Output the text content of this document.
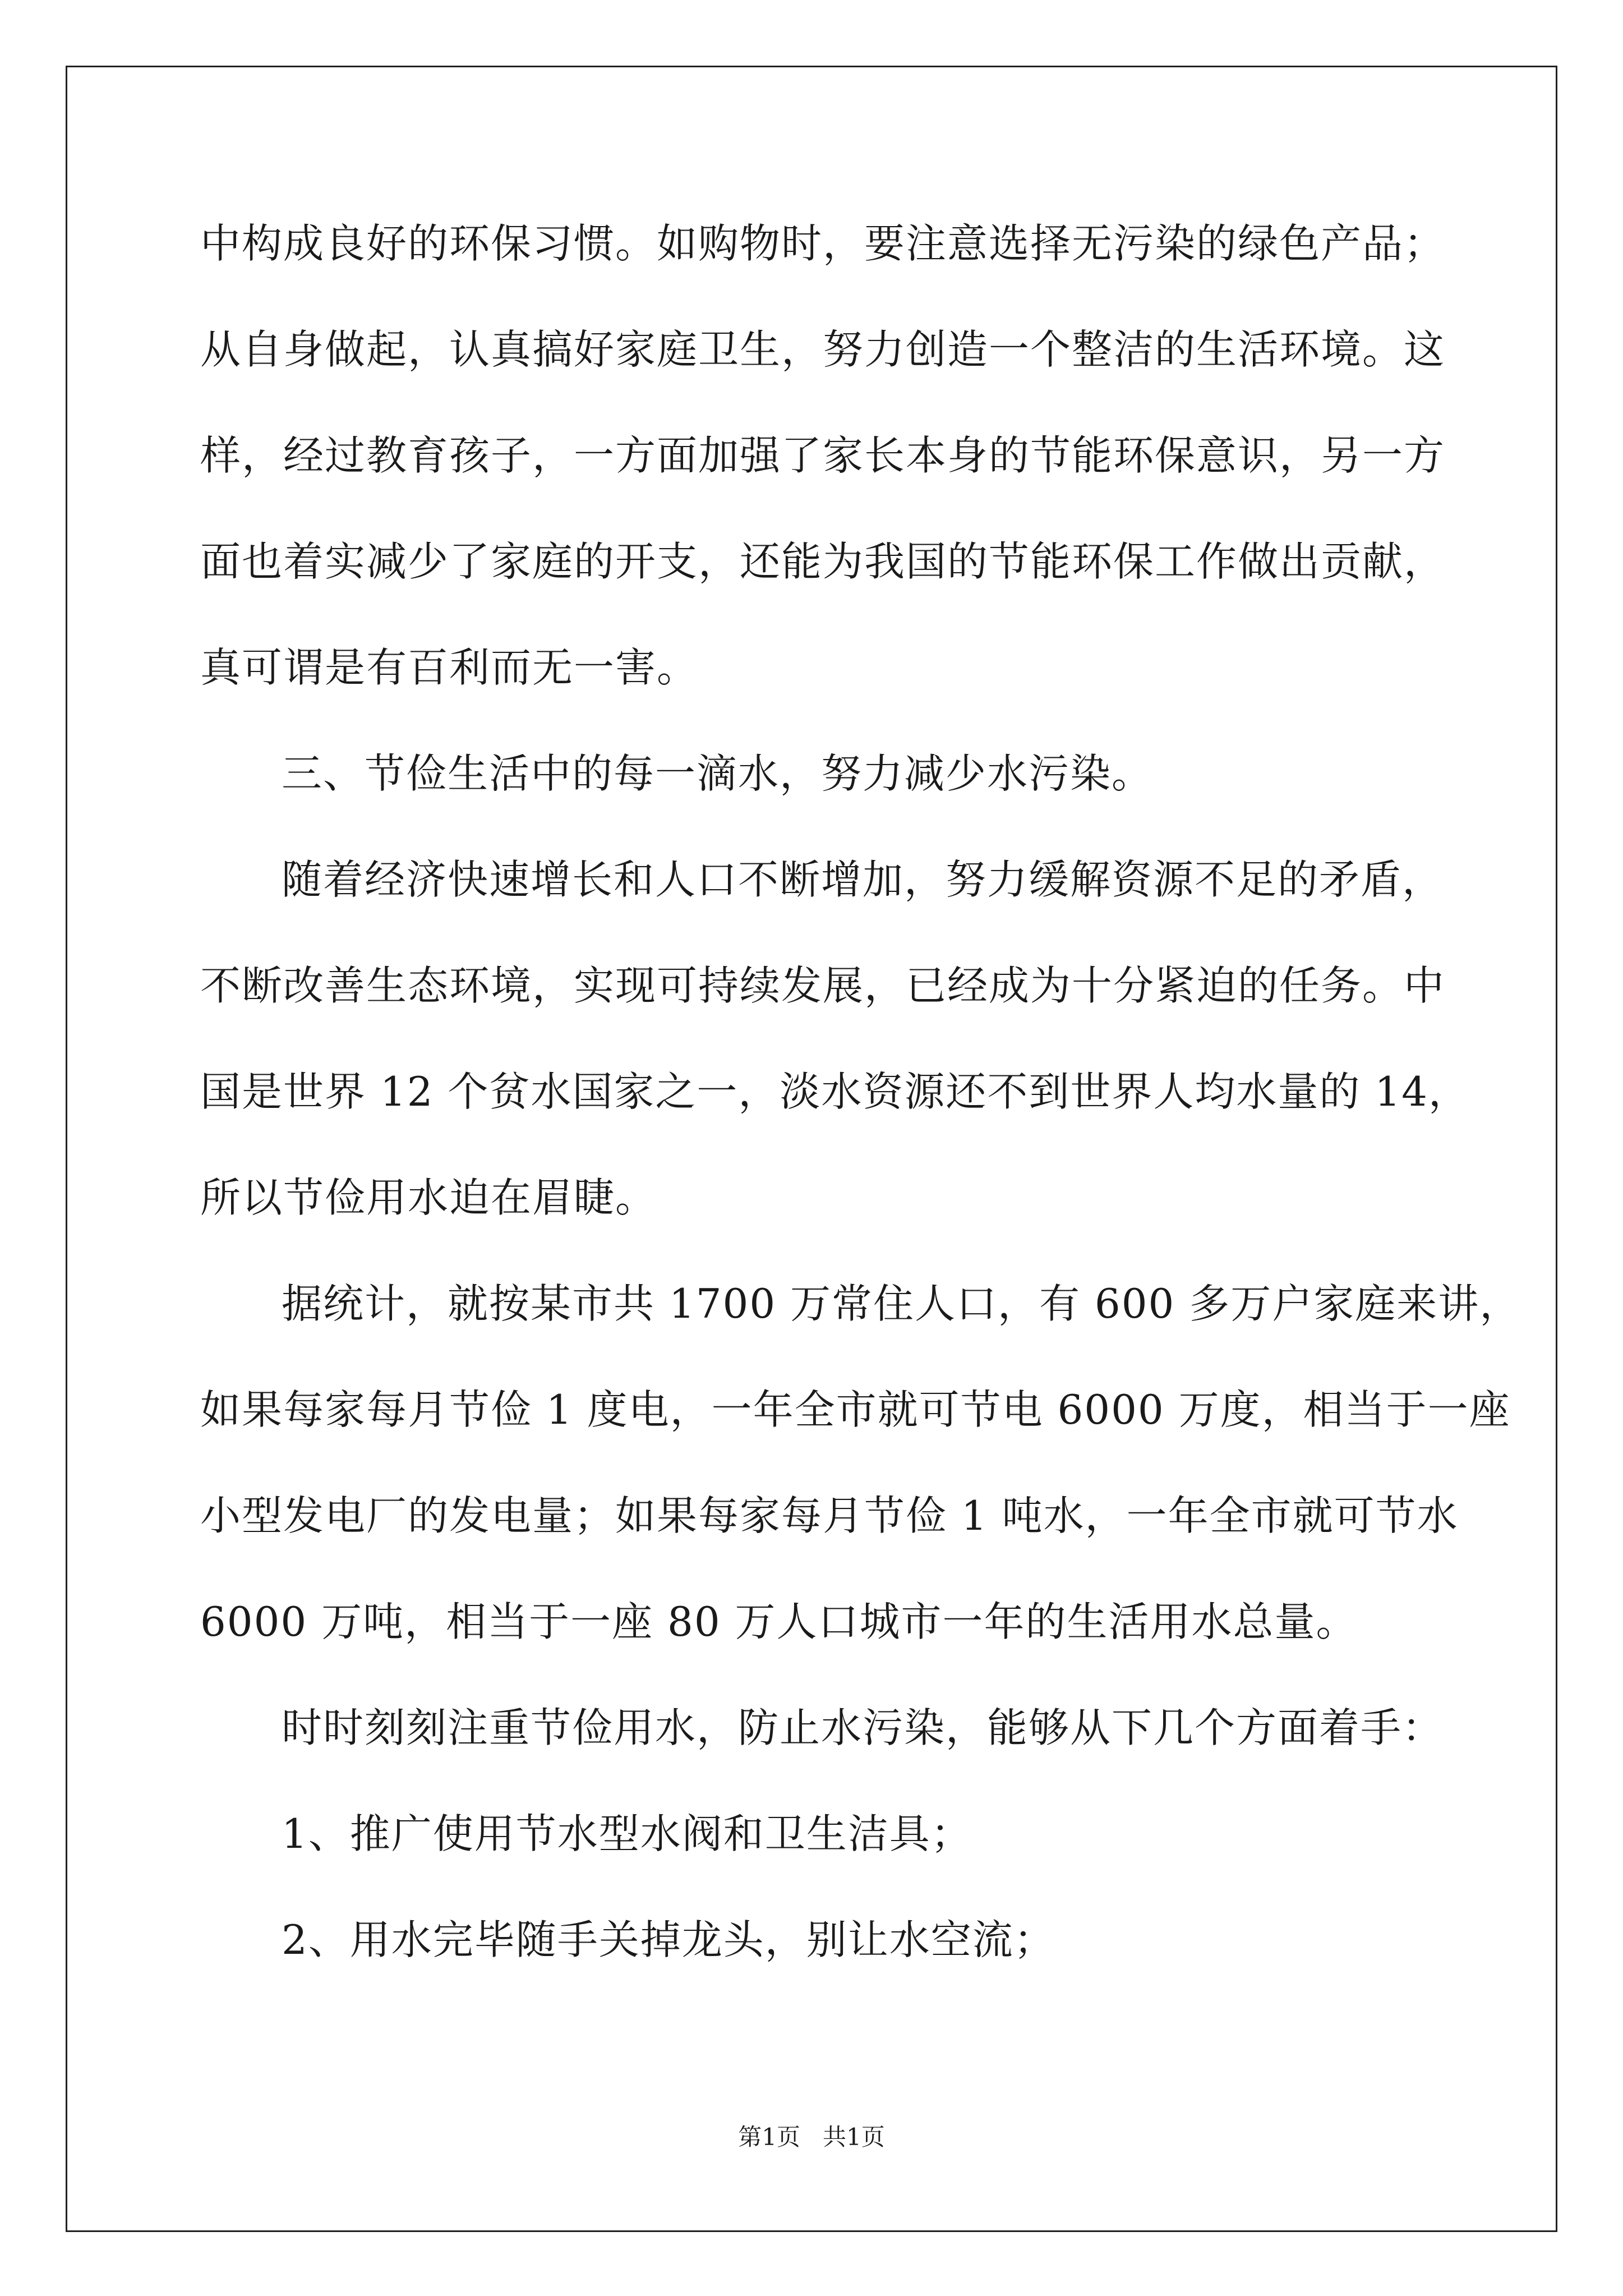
中构成良好的环保习惯。如购物时，要注意选择无污染的绿色产品；
从自身做起，认真搞好家庭卫生，努力创造一个整洁的生活环境。这
样，经过教育孩子，一方面加强了家长本身的节能环保意识，另一方
面也着实减少了家庭的开支，还能为我国的节能环保工作做出贡献，
真可谓是有百利而无一害。
三、节俭生活中的每一滴水，努力减少水污染。
随着经济快速增长和人口不断增加，努力缓解资源不足的矛盾，
不断改善生态环境，实现可持续发展，已经成为十分紧迫的任务。中
国是世界 12 个贫水国家之一，淡水资源还不到世界人均水量的 14，
所以节俭用水迫在眉睫。
据统计，就按某市共 1700 万常住人口，有 600 多万户家庭来讲，
如果每家每月节俭 1 度电，一年全市就可节电 6000 万度，相当于一座
小型发电厂的发电量；如果每家每月节俭 1 吨水，一年全市就可节水
6000 万吨，相当于一座 80 万人口城市一年的生活用水总量。
时时刻刻注重节俭用水，防止水污染，能够从下几个方面着手：
1、推广使用节水型水阀和卫生洁具；
2、用水完毕随手关掉龙头，别让水空流；
第1页   共1页
